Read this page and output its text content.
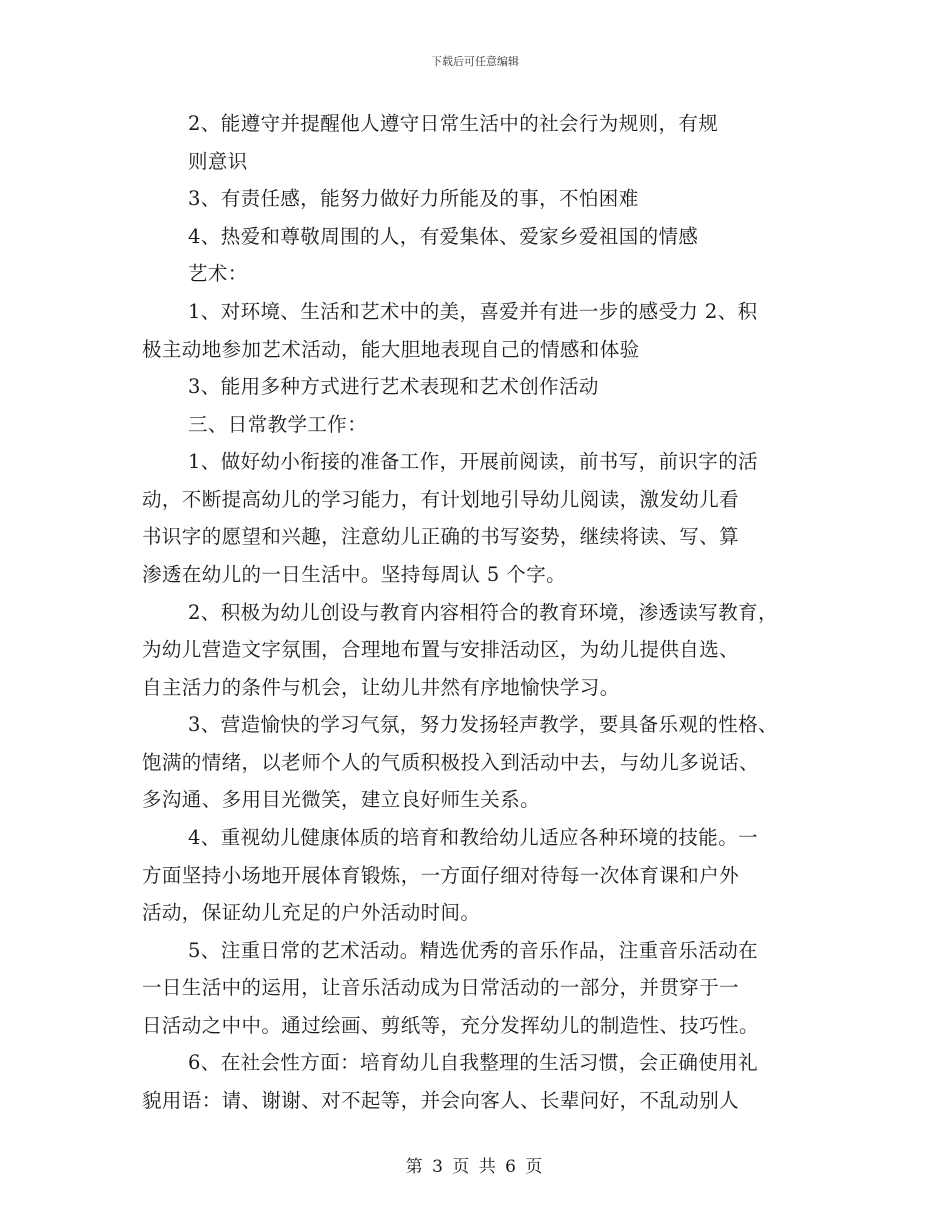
下载后可任意编辑
2、能遵守并提醒他人遵守日常生活中的社会行为规则，有规
则意识
3、有责任感，能努力做好力所能及的事，不怕困难
4、热爱和尊敬周围的人，有爱集体、爱家乡爱祖国的情感
艺术：
1、对环境、生活和艺术中的美，喜爱并有进一步的感受力 2、积
极主动地参加艺术活动，能大胆地表现自己的情感和体验
3、能用多种方式进行艺术表现和艺术创作活动
三、日常教学工作：
1、做好幼小衔接的准备工作，开展前阅读，前书写，前识字的活
动，不断提高幼儿的学习能力，有计划地引导幼儿阅读，激发幼儿看
书识字的愿望和兴趣，注意幼儿正确的书写姿势，继续将读、写、算
渗透在幼儿的一日生活中。坚持每周认 5 个字。
2、积极为幼儿创设与教育内容相符合的教育环境，渗透读写教育，
为幼儿营造文字氛围，合理地布置与安排活动区，为幼儿提供自选、
自主活力的条件与机会，让幼儿井然有序地愉快学习。
3、营造愉快的学习气氛，努力发扬轻声教学，要具备乐观的性格、
饱满的情绪，以老师个人的气质积极投入到活动中去，与幼儿多说话、
多沟通、多用目光微笑，建立良好师生关系。
4、重视幼儿健康体质的培育和教给幼儿适应各种环境的技能。一
方面坚持小场地开展体育锻炼，一方面仔细对待每一次体育课和户外
活动，保证幼儿充足的户外活动时间。
5、注重日常的艺术活动。精选优秀的音乐作品，注重音乐活动在
一日生活中的运用，让音乐活动成为日常活动的一部分，并贯穿于一
日活动之中中。通过绘画、剪纸等，充分发挥幼儿的制造性、技巧性。
6、在社会性方面：培育幼儿自我整理的生活习惯，会正确使用礼
貌用语：请、谢谢、对不起等，并会向客人、长辈问好，不乱动别人
第 3 页 共 6 页
